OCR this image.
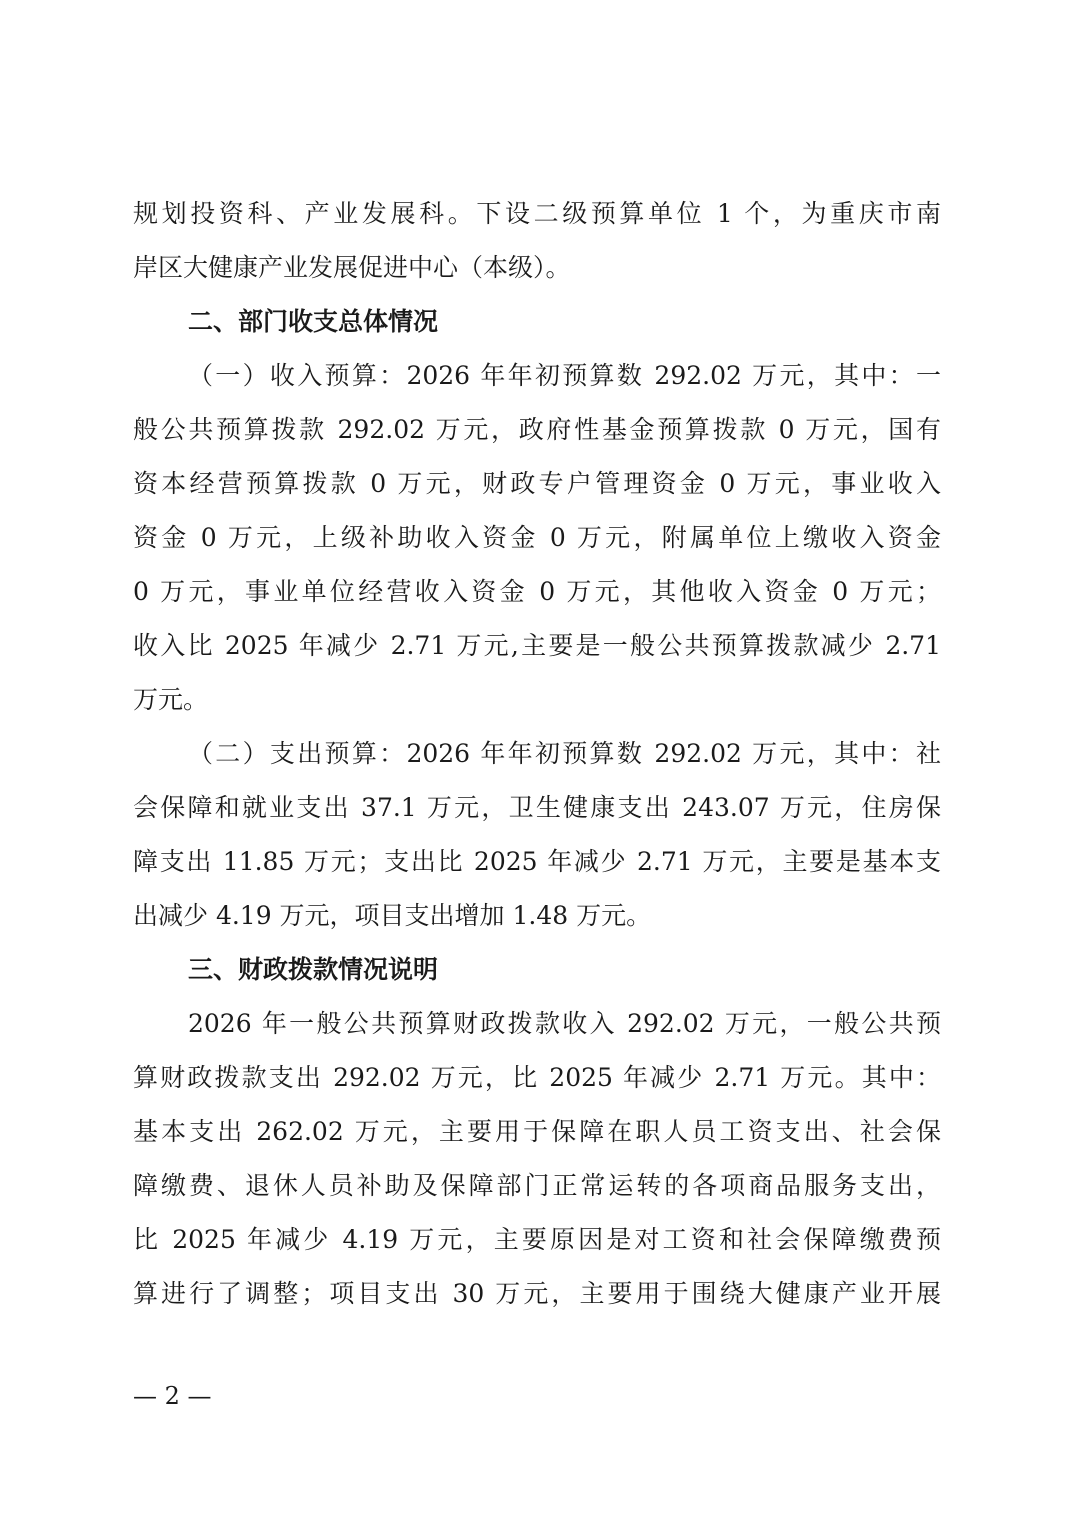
规划投资科、产业发展科。下设二级预算单位 1 个，为重庆市南
岸区大健康产业发展促进中心（本级）。
二、部门收支总体情况
（一）收入预算：2026 年年初预算数 292.02 万元，其中：一
般公共预算拨款 292.02 万元，政府性基金预算拨款 0 万元，国有
资本经营预算拨款 0 万元，财政专户管理资金 0 万元，事业收入
资金 0 万元，上级补助收入资金 0 万元，附属单位上缴收入资金
0 万元，事业单位经营收入资金 0 万元，其他收入资金 0 万元；
收入比 2025 年减少 2.71 万元,主要是一般公共预算拨款减少 2.71
万元。
（二）支出预算：2026 年年初预算数 292.02 万元，其中：社
会保障和就业支出 37.1 万元，卫生健康支出 243.07 万元，住房保
障支出 11.85 万元；支出比 2025 年减少 2.71 万元，主要是基本支
出减少 4.19 万元，项目支出增加 1.48 万元。
三、财政拨款情况说明
2026 年一般公共预算财政拨款收入 292.02 万元，一般公共预
算财政拨款支出 292.02 万元，比 2025 年减少 2.71 万元。其中：
基本支出 262.02 万元，主要用于保障在职人员工资支出、社会保
障缴费、退休人员补助及保障部门正常运转的各项商品服务支出，
比 2025 年减少 4.19 万元，主要原因是对工资和社会保障缴费预
算进行了调整；项目支出 30 万元，主要用于围绕大健康产业开展
— 2 —
